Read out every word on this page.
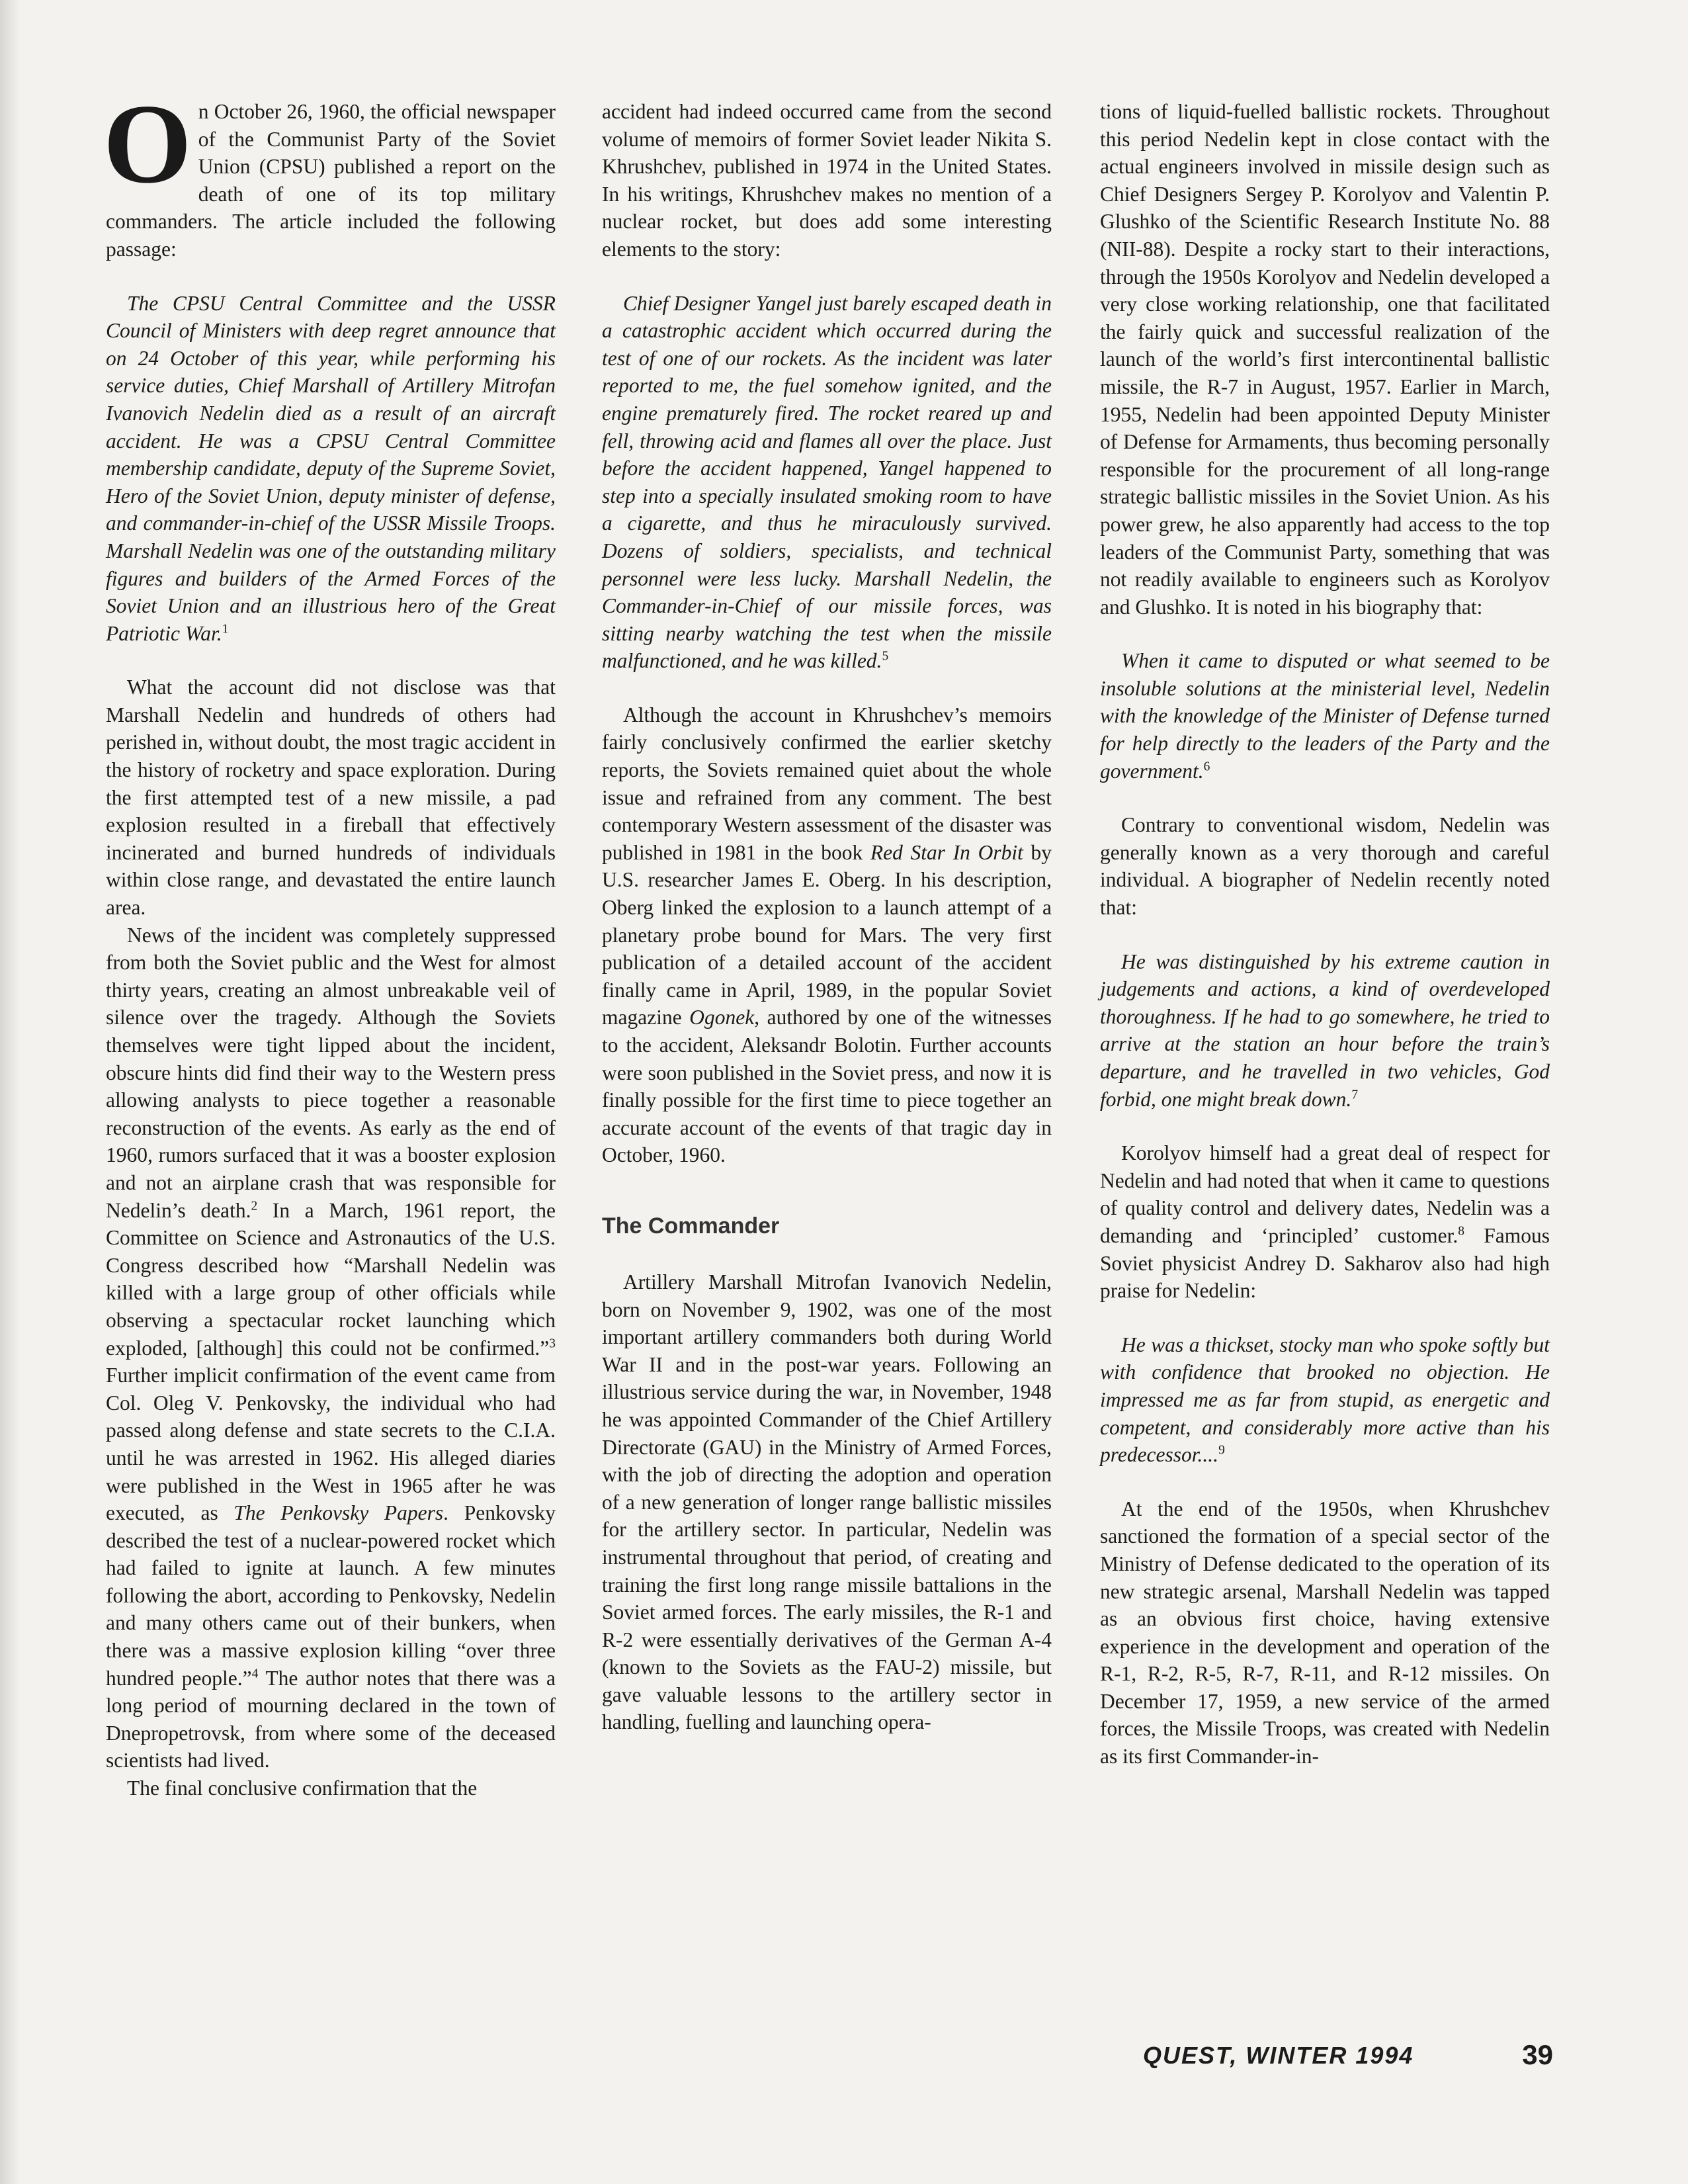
On October 26, 1960, the official newspaper of the Communist Party of the Soviet Union (CPSU) published a report on the death of one of its top military commanders. The article included the following passage:

The CPSU Central Committee and the USSR Council of Ministers with deep regret announce that on 24 October of this year, while performing his service duties, Chief Marshall of Artillery Mitrofan Ivanovich Nedelin died as a result of an aircraft accident. He was a CPSU Central Committee membership candidate, deputy of the Supreme Soviet, Hero of the Soviet Union, deputy minister of defense, and commander-in-chief of the USSR Missile Troops. Marshall Nedelin was one of the outstanding military figures and builders of the Armed Forces of the Soviet Union and an illustrious hero of the Great Patriotic War.$^1$

What the account did not disclose was that Marshall Nedelin and hundreds of others had perished in, without doubt, the most tragic accident in the history of rocketry and space exploration. During the first attempted test of a new missile, a pad explosion resulted in a fireball that effectively incinerated and burned hundreds of individuals within close range, and devastated the entire launch area.

News of the incident was completely suppressed from both the Soviet public and the West for almost thirty years, creating an almost unbreakable veil of silence over the tragedy. Although the Soviets themselves were tight lipped about the incident, obscure hints did find their way to the Western press allowing analysts to piece together a reasonable reconstruction of the events. As early as the end of 1960, rumors surfaced that it was a booster explosion and not an airplane crash that was responsible for Nedelin’s death.$^2$ In a March, 1961 report, the Committee on Science and Astronautics of the U.S. Congress described how “Marshall Nedelin was killed with a large group of other officials while observing a spectacular rocket launching which exploded, [although] this could not be confirmed.”$^3$ Further implicit confirmation of the event came from Col. Oleg V. Penkovsky, the individual who had passed along defense and state secrets to the C.I.A. until he was arrested in 1962. His alleged diaries were published in the West in 1965 after he was executed, as The Penkovsky Papers. Penkovsky described the test of a nuclear-powered rocket which had failed to ignite at launch. A few minutes following the abort, according to Penkovsky, Nedelin and many others came out of their bunkers, when there was a massive explosion killing “over three hundred people.”$^4$ The author notes that there was a long period of mourning declared in the town of Dnepropetrovsk, from where some of the deceased scientists had lived.

The final conclusive confirmation that the

accident had indeed occurred came from the second volume of memoirs of former Soviet leader Nikita S. Khrushchev, published in 1974 in the United States. In his writings, Khrushchev makes no mention of a nuclear rocket, but does add some interesting elements to the story:

Chief Designer Yangel just barely escaped death in a catastrophic accident which occurred during the test of one of our rockets. As the incident was later reported to me, the fuel somehow ignited, and the engine prematurely fired. The rocket reared up and fell, throwing acid and flames all over the place. Just before the accident happened, Yangel happened to step into a specially insulated smoking room to have a cigarette, and thus he miraculously survived. Dozens of soldiers, specialists, and technical personnel were less lucky. Marshall Nedelin, the Commander-in-Chief of our missile forces, was sitting nearby watching the test when the missile malfunctioned, and he was killed.$^5$

Although the account in Khrushchev’s memoirs fairly conclusively confirmed the earlier sketchy reports, the Soviets remained quiet about the whole issue and refrained from any comment. The best contemporary Western assessment of the disaster was published in 1981 in the book Red Star In Orbit by U.S. researcher James E. Oberg. In his description, Oberg linked the explosion to a launch attempt of a planetary probe bound for Mars. The very first publication of a detailed account of the accident finally came in April, 1989, in the popular Soviet magazine Ogonek, authored by one of the witnesses to the accident, Aleksandr Bolotin. Further accounts were soon published in the Soviet press, and now it is finally possible for the first time to piece together an accurate account of the events of that tragic day in October, 1960.

The Commander

Artillery Marshall Mitrofan Ivanovich Nedelin, born on November 9, 1902, was one of the most important artillery commanders both during World War II and in the post-war years. Following an illustrious service during the war, in November, 1948 he was appointed Commander of the Chief Artillery Directorate (GAU) in the Ministry of Armed Forces, with the job of directing the adoption and operation of a new generation of longer range ballistic missiles for the artillery sector. In particular, Nedelin was instrumental throughout that period, of creating and training the first long range missile battalions in the Soviet armed forces. The early missiles, the R-1 and R-2 were essentially derivatives of the German A-4 (known to the Soviets as the FAU-2) missile, but gave valuable lessons to the artillery sector in handling, fuelling and launching opera-

tions of liquid-fuelled ballistic rockets. Throughout this period Nedelin kept in close contact with the actual engineers involved in missile design such as Chief Designers Sergey P. Korolyov and Valentin P. Glushko of the Scientific Research Institute No. 88 (NII-88). Despite a rocky start to their interactions, through the 1950s Korolyov and Nedelin developed a very close working relationship, one that facilitated the fairly quick and successful realization of the launch of the world’s first intercontinental ballistic missile, the R-7 in August, 1957. Earlier in March, 1955, Nedelin had been appointed Deputy Minister of Defense for Armaments, thus becoming personally responsible for the procurement of all long-range strategic ballistic missiles in the Soviet Union. As his power grew, he also apparently had access to the top leaders of the Communist Party, something that was not readily available to engineers such as Korolyov and Glushko. It is noted in his biography that:

When it came to disputed or what seemed to be insoluble solutions at the ministerial level, Nedelin with the knowledge of the Minister of Defense turned for help directly to the leaders of the Party and the government.$^6$

Contrary to conventional wisdom, Nedelin was generally known as a very thorough and careful individual. A biographer of Nedelin recently noted that:

He was distinguished by his extreme caution in judgements and actions, a kind of overdeveloped thoroughness. If he had to go somewhere, he tried to arrive at the station an hour before the train’s departure, and he travelled in two vehicles, God forbid, one might break down.$^7$

Korolyov himself had a great deal of respect for Nedelin and had noted that when it came to questions of quality control and delivery dates, Nedelin was a demanding and ‘principled’ customer.$^8$ Famous Soviet physicist Andrey D. Sakharov also had high praise for Nedelin:

He was a thickset, stocky man who spoke softly but with confidence that brooked no objection. He impressed me as far from stupid, as energetic and competent, and considerably more active than his predecessor....$^9$

At the end of the 1950s, when Khrushchev sanctioned the formation of a special sector of the Ministry of Defense dedicated to the operation of its new strategic arsenal, Marshall Nedelin was tapped as an obvious first choice, having extensive experience in the development and operation of the R-1, R-2, R-5, R-7, R-11, and R-12 missiles. On December 17, 1959, a new service of the armed forces, the Missile Troops, was created with Nedelin as its first Commander-in-

QUEST, WINTER 1994	39
